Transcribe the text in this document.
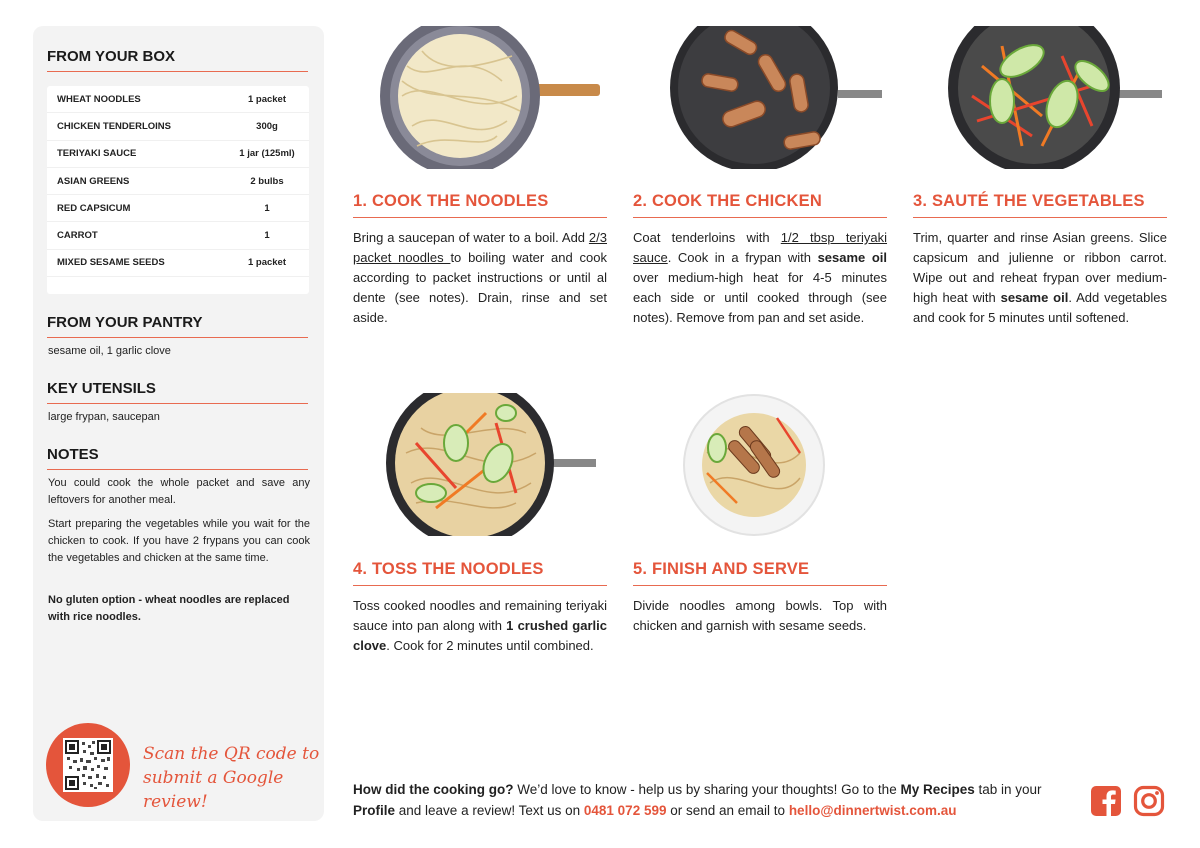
FROM YOUR BOX
WHEAT NOODLES	1 packet
CHICKEN TENDERLOINS	300g
TERIYAKI SAUCE	1 jar (125ml)
ASIAN GREENS	2 bulbs
RED CAPSICUM	1
CARROT	1
MIXED SESAME SEEDS	1 packet
FROM YOUR PANTRY
sesame oil, 1 garlic clove
KEY UTENSILS
large frypan, saucepan
NOTES
You could cook the whole packet and save any leftovers for another meal.
Start preparing the vegetables while you wait for the chicken to cook. If you have 2 frypans you can cook the vegetables and chicken at the same time.
No gluten option - wheat noodles are replaced with rice noodles.
Scan the QR code to
submit a Google review!
1. COOK THE NOODLES
Bring a saucepan of water to a boil. Add 2/3 packet noodles to boiling water and cook according to packet instructions or until al dente (see notes). Drain, rinse and set aside.
2. COOK THE CHICKEN
Coat tenderloins with 1/2 tbsp teriyaki sauce. Cook in a frypan with sesame oil over medium-high heat for 4-5 minutes each side or until cooked through (see notes). Remove from pan and set aside.
3. SAUTÉ THE VEGETABLES
Trim, quarter and rinse Asian greens. Slice capsicum and julienne or ribbon carrot. Wipe out and reheat frypan over medium-high heat with sesame oil. Add vegetables and cook for 5 minutes until softened.
4. TOSS THE NOODLES
Toss cooked noodles and remaining teriyaki sauce into pan along with 1 crushed garlic clove. Cook for 2 minutes until combined.
5. FINISH AND SERVE
Divide noodles among bowls. Top with chicken and garnish with sesame seeds.
How did the cooking go? We’d love to know - help us by sharing your thoughts! Go to the My Recipes tab in your Profile and leave a review! Text us on 0481 072 599 or send an email to hello@dinnertwist.com.au
